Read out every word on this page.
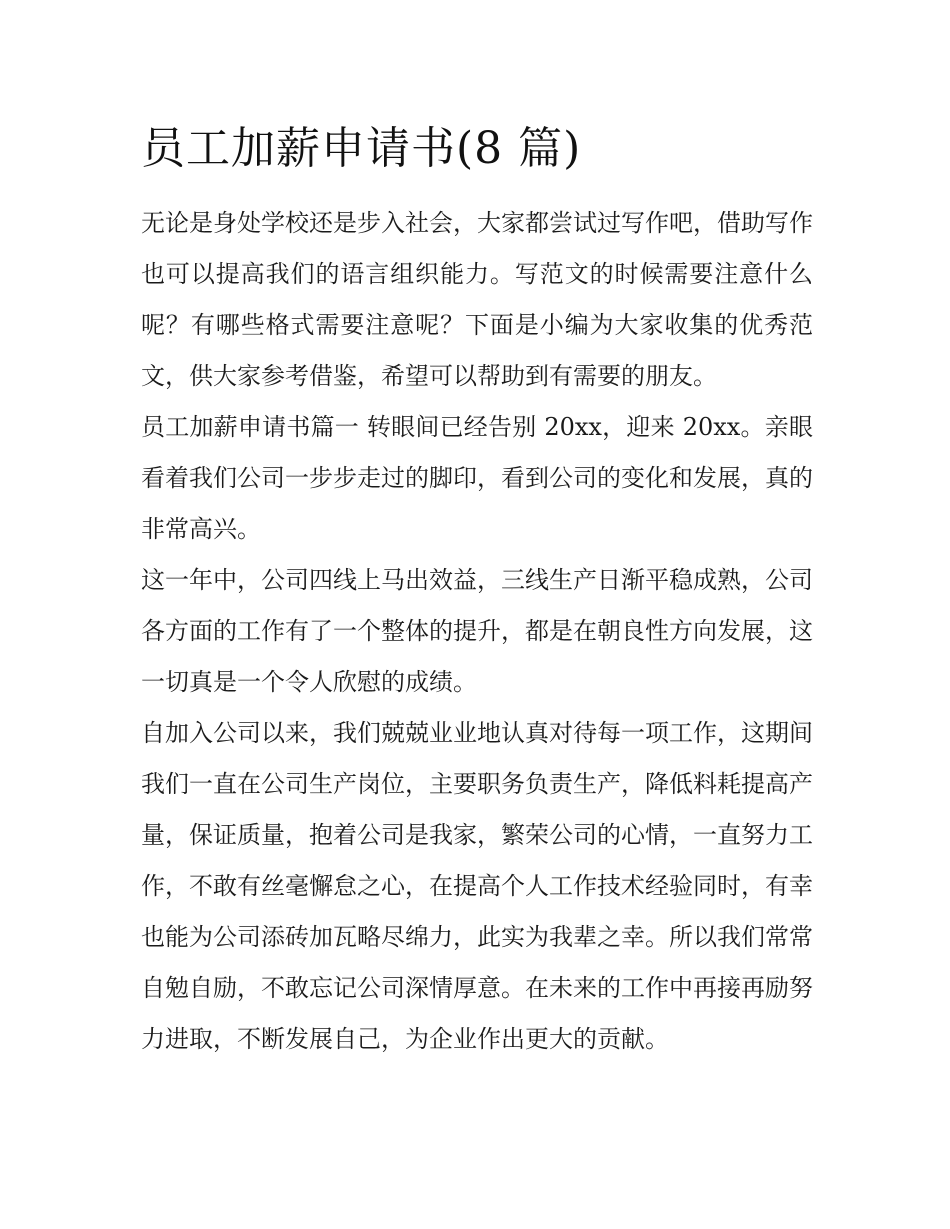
员工加薪申请书(8 篇)

无论是身处学校还是步入社会，大家都尝试过写作吧，借助写作也可以提高我们的语言组织能力。写范文的时候需要注意什么呢？有哪些格式需要注意呢？下面是小编为大家收集的优秀范文，供大家参考借鉴，希望可以帮助到有需要的朋友。

员工加薪申请书篇一 转眼间已经告别 20xx，迎来 20xx。亲眼看着我们公司一步步走过的脚印，看到公司的变化和发展，真的非常高兴。

这一年中，公司四线上马出效益，三线生产日渐平稳成熟，公司各方面的工作有了一个整体的提升，都是在朝良性方向发展，这一切真是一个令人欣慰的成绩。

自加入公司以来，我们兢兢业业地认真对待每一项工作，这期间我们一直在公司生产岗位，主要职务负责生产，降低料耗提高产量，保证质量，抱着公司是我家，繁荣公司的心情，一直努力工作，不敢有丝毫懈怠之心，在提高个人工作技术经验同时，有幸也能为公司添砖加瓦略尽绵力，此实为我辈之幸。所以我们常常自勉自励，不敢忘记公司深情厚意。在未来的工作中再接再励努力进取，不断发展自己，为企业作出更大的贡献。
